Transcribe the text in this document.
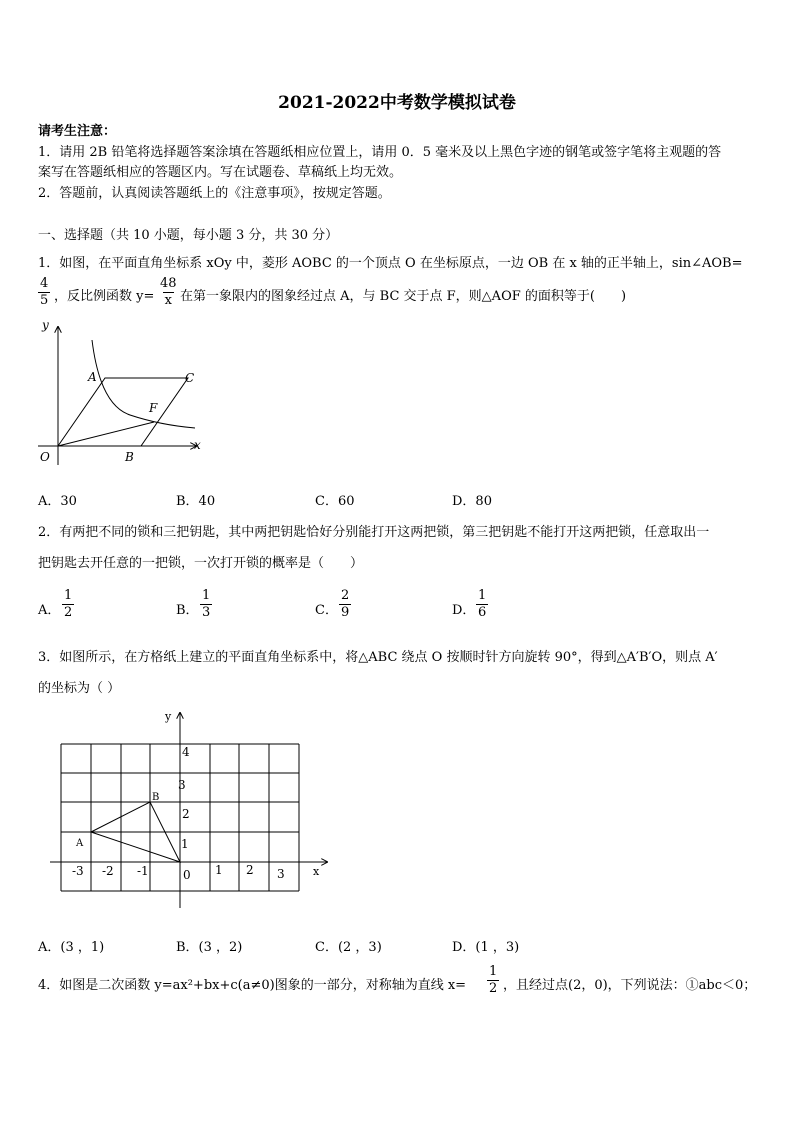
2021-2022中考数学模拟试卷
请考生注意：
1．请用 2B 铅笔将选择题答案涂填在答题纸相应位置上，请用 0．5 毫米及以上黑色字迹的钢笔或签字笔将主观题的答
案写在答题纸相应的答题区内。写在试题卷、草稿纸上均无效。
2．答题前，认真阅读答题纸上的《注意事项》，按规定答题。
一、选择题（共 10 小题，每小题 3 分，共 30 分）
1．如图，在平面直角坐标系 xOy 中，菱形 AOBC 的一个顶点 O 在坐标原点，一边 OB 在 x 轴的正半轴上，sin∠AOB=
$\frac{4}{5}$ ，反比例函数 $y= \frac{48}{x}$ 在第一象限内的图象经过点 A，与 BC 交于点 F，则△AOF 的面积等于(　　)
y
x
O
A
B
C
F
A．30	B．40	C．60	D．80
2．有两把不同的锁和三把钥匙，其中两把钥匙恰好分别能打开这两把锁，第三把钥匙不能打开这两把锁，任意取出一
把钥匙去开任意的一把锁，一次打开锁的概率是（　　）
A． $\frac{1}{2}$	B． $\frac{1}{3}$	C． $\frac{2}{9}$	D． $\frac{1}{6}$
3．如图所示，在方格纸上建立的平面直角坐标系中，将△ABC 绕点 O 按顺时针方向旋转 90°，得到△A′B′O，则点 A′
的坐标为（ ）
y
x
A
B
-3 -2 -1	0 1 2 3
1
2
3
4
A．(3 ，1)	B．(3 ，2)	C．(2 ，3)	D．(1 ，3)
4．如图是二次函数 y=ax²+bx+c(a≠0)图象的一部分，对称轴为直线 $x= \frac{1}{2}$ ，且经过点(2，0)，下列说法：①abc＜0；
